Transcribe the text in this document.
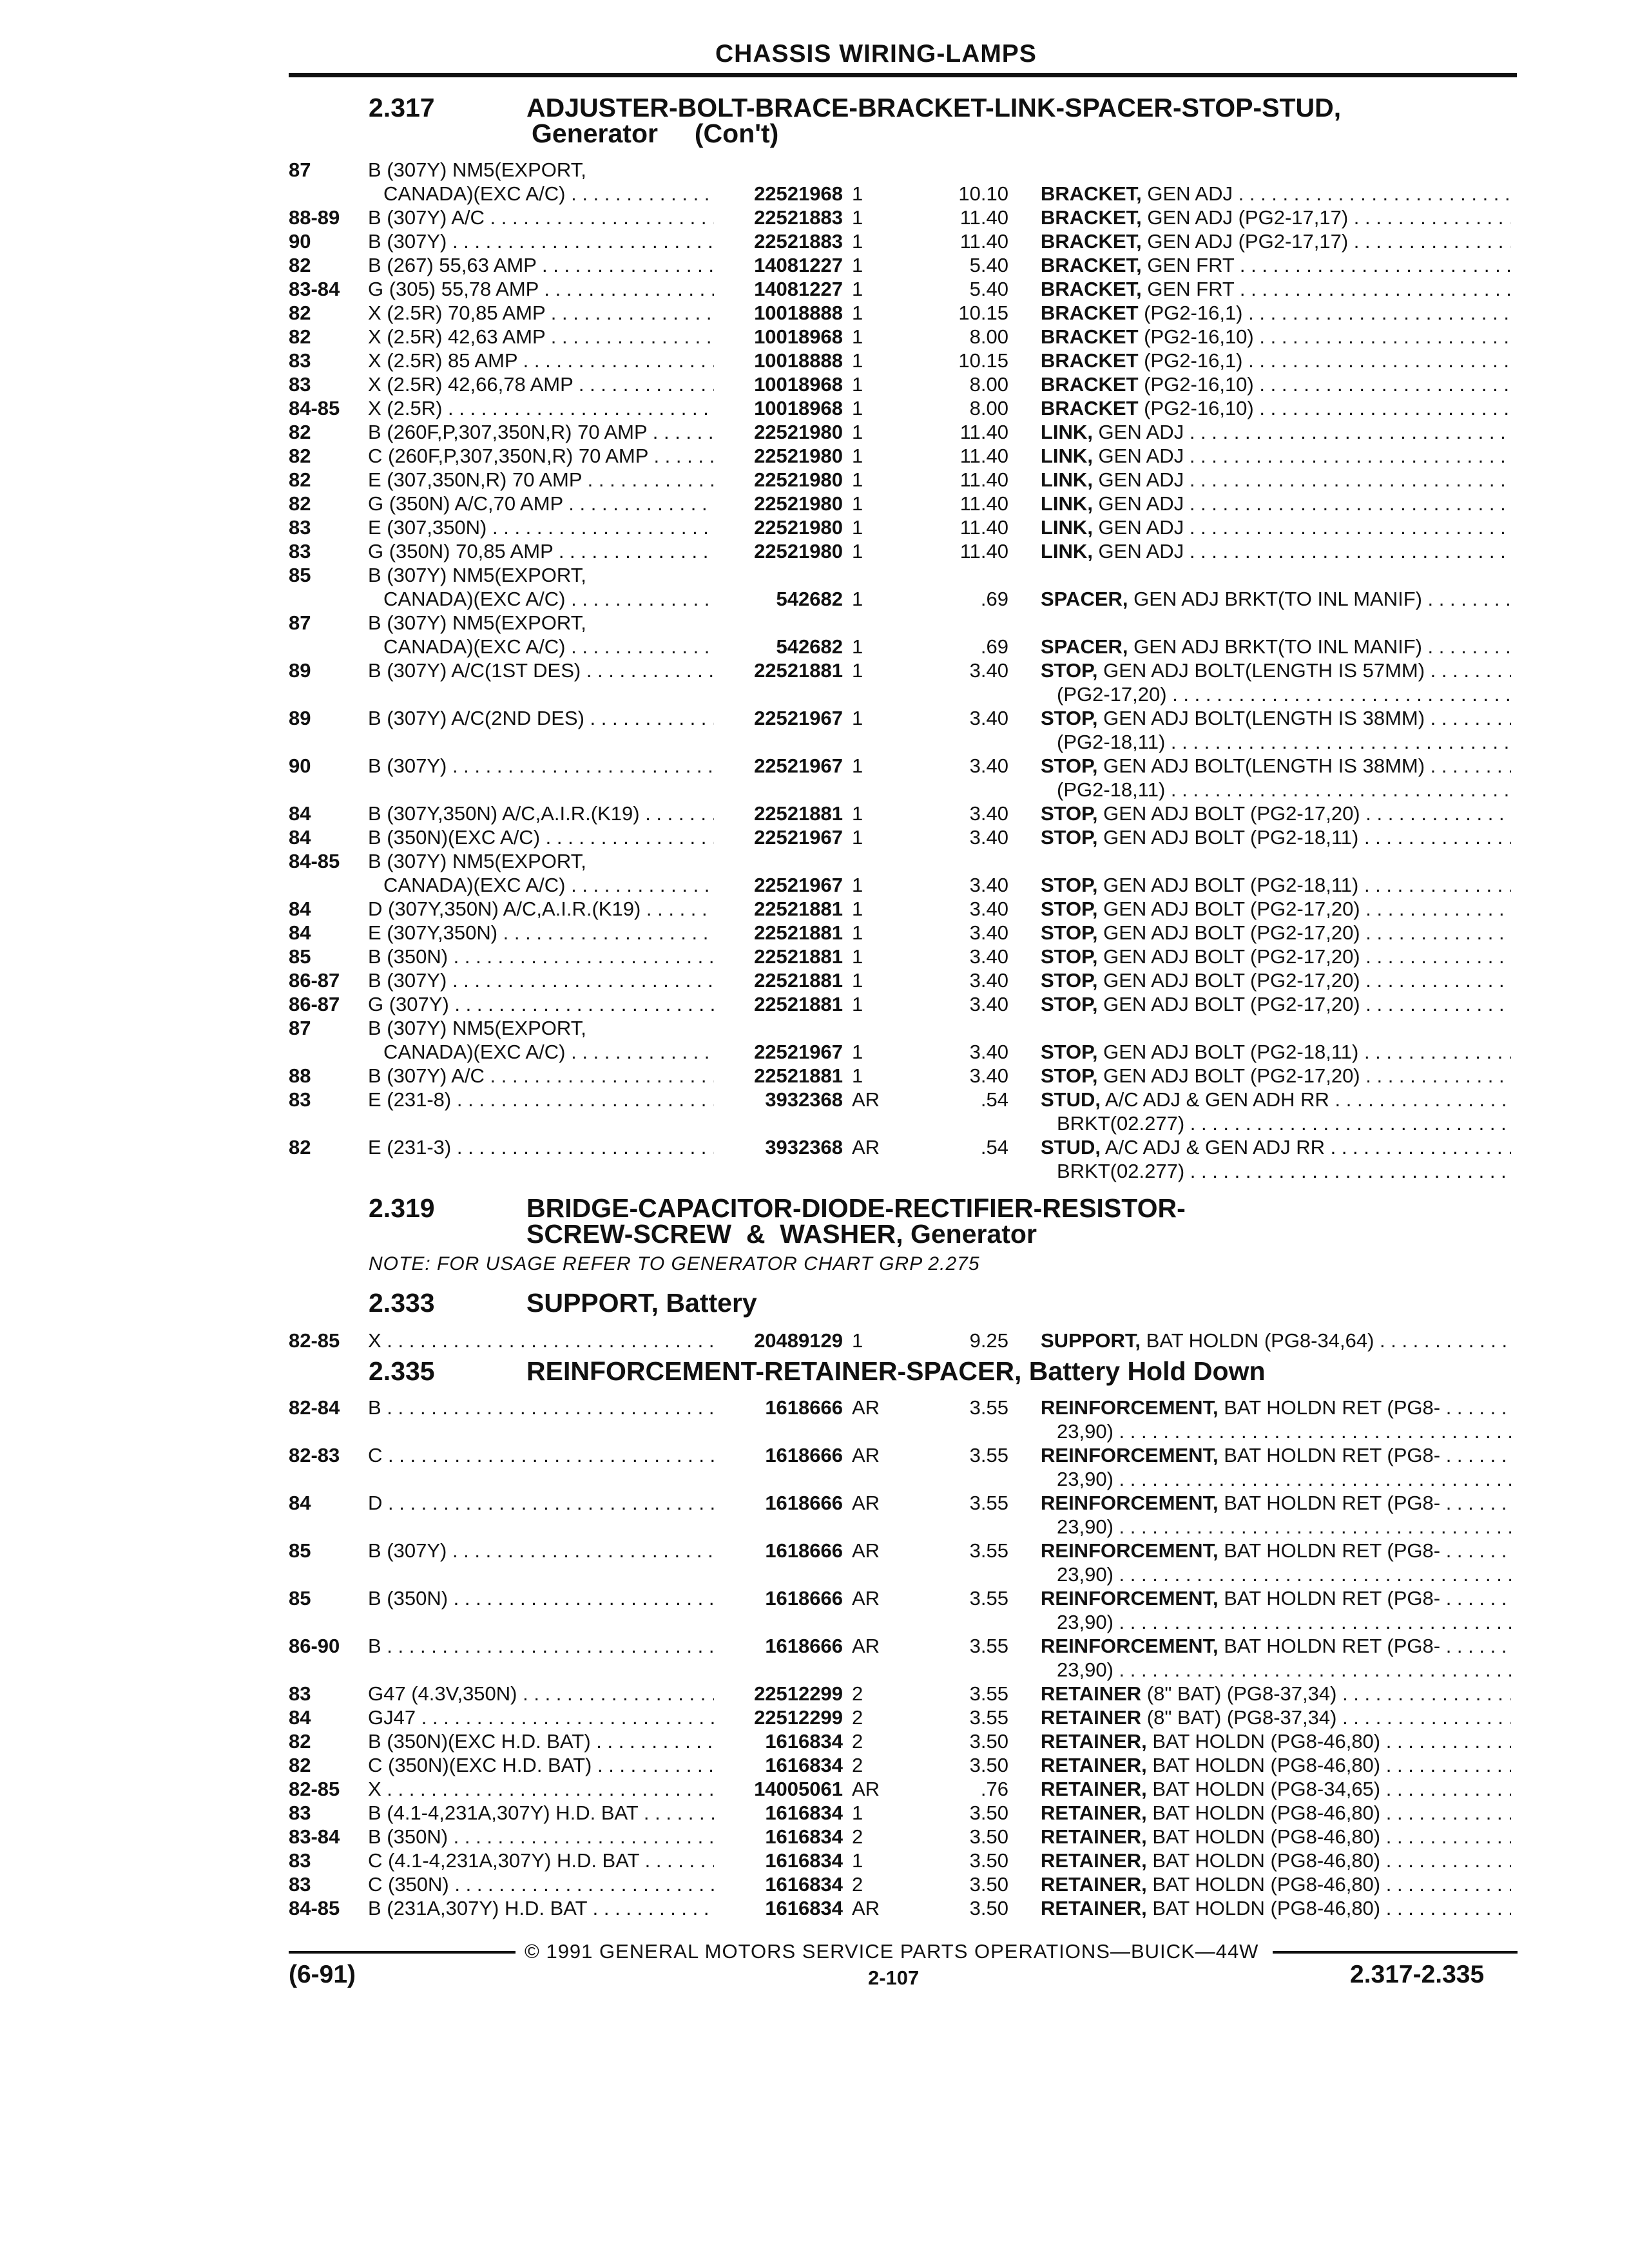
CHASSIS WIRING-LAMPS
2.317	ADJUSTER-BOLT-BRACE-BRACKET-LINK-SPACER-STOP-STUD,
Generator     (Con't)
2.319	BRIDGE-CAPACITOR-DIODE-RECTIFIER-RESISTOR-
SCREW-SCREW  &  WASHER, Generator
NOTE: FOR USAGE REFER TO GENERATOR CHART GRP 2.275
2.333	SUPPORT, Battery
2.335	REINFORCEMENT-RETAINER-SPACER, Battery Hold Down
87	B (307Y) NM5(EXPORT,
CANADA)(EXC A/C) . . .	22521968 1	10.10 BRACKET, GEN ADJ . . .
88-89 B (307Y) A/C . . .	22521883 1	11.40 BRACKET, GEN ADJ (PG2-17,17) . . .
90	B (307Y) . . .	22521883 1	11.40 BRACKET, GEN ADJ (PG2-17,17) . . .
82	B (267) 55,63 AMP . . .	14081227 1	5.40 BRACKET, GEN FRT . . .
83-84 G (305) 55,78 AMP . . .	14081227 1	5.40 BRACKET, GEN FRT . . .
82	X (2.5R) 70,85 AMP . . .	10018888 1	10.15 BRACKET (PG2-16,1) . . .
82	X (2.5R) 42,63 AMP . . .	10018968 1	8.00 BRACKET (PG2-16,10) . . .
83	X (2.5R) 85 AMP . . .	10018888 1	10.15 BRACKET (PG2-16,1) . . .
83	X (2.5R) 42,66,78 AMP . . .	10018968 1	8.00 BRACKET (PG2-16,10) . . .
84-85 X (2.5R) . . .	10018968 1	8.00 BRACKET (PG2-16,10) . . .
82	B (260F,P,307,350N,R) 70 AMP . . .	22521980 1	11.40 LINK, GEN ADJ . . .
82	C (260F,P,307,350N,R) 70 AMP . . .	22521980 1	11.40 LINK, GEN ADJ . . .
82	E (307,350N,R) 70 AMP . . .	22521980 1	11.40 LINK, GEN ADJ . . .
82	G (350N) A/C,70 AMP . . .	22521980 1	11.40 LINK, GEN ADJ . . .
83	E (307,350N) . . .	22521980 1	11.40 LINK, GEN ADJ . . .
83	G (350N) 70,85 AMP . . .	22521980 1	11.40 LINK, GEN ADJ . . .
85	B (307Y) NM5(EXPORT,
CANADA)(EXC A/C) . . .	542682 1	.69 SPACER, GEN ADJ BRKT(TO INL MANIF) . . . .
87	B (307Y) NM5(EXPORT,
CANADA)(EXC A/C) . . .	542682 1	.69 SPACER, GEN ADJ BRKT(TO INL MANIF) . . . .
89	B (307Y) A/C(1ST DES) . . .	22521881 1	3.40 STOP, GEN ADJ BOLT(LENGTH IS 57MM) . . .
(PG2-17,20) . . .
89	B (307Y) A/C(2ND DES) . . .	22521967 1	3.40 STOP, GEN ADJ BOLT(LENGTH IS 38MM) . . .
(PG2-18,11) . . .
90	B (307Y) . . .	22521967 1	3.40 STOP, GEN ADJ BOLT(LENGTH IS 38MM) . . .
(PG2-18,11) . . .
84	B (307Y,350N) A/C,A.I.R.(K19) . . .	22521881 1	3.40 STOP, GEN ADJ BOLT (PG2-17,20) . . .
84	B (350N)(EXC A/C) . . .	22521967 1	3.40 STOP, GEN ADJ BOLT (PG2-18,11) . . .
84-85 B (307Y) NM5(EXPORT,
CANADA)(EXC A/C) . . .	22521967 1	3.40 STOP, GEN ADJ BOLT (PG2-18,11) . . .
84	D (307Y,350N) A/C,A.I.R.(K19) . . .	22521881 1	3.40 STOP, GEN ADJ BOLT (PG2-17,20) . . .
84	E (307Y,350N) . . .	22521881 1	3.40 STOP, GEN ADJ BOLT (PG2-17,20) . . .
85	B (350N) . . .	22521881 1	3.40 STOP, GEN ADJ BOLT (PG2-17,20) . . .
86-87 B (307Y) . . .	22521881 1	3.40 STOP, GEN ADJ BOLT (PG2-17,20) . . .
86-87 G (307Y) . . .	22521881 1	3.40 STOP, GEN ADJ BOLT (PG2-17,20) . . .
87	B (307Y) NM5(EXPORT,
CANADA)(EXC A/C) . . .	22521967 1	3.40 STOP, GEN ADJ BOLT (PG2-18,11) . . .
88	B (307Y) A/C . . .	22521881 1	3.40 STOP, GEN ADJ BOLT (PG2-17,20) . . .
83	E (231-8) . . .	3932368 AR	.54 STUD, A/C ADJ & GEN ADH RR . . .
BRKT(02.277) . . .
82	E (231-3) . . .	3932368 AR	.54 STUD, A/C ADJ & GEN ADJ RR . . .
BRKT(02.277) . . .
82-85 X . . .	20489129 1	9.25 SUPPORT, BAT HOLDN (PG8-34,64) . . .
82-84 B . . .	1618666 AR	3.55 REINFORCEMENT, BAT HOLDN RET (PG8- . . .
23,90) . . .
82-83 C . . .	1618666 AR	3.55 REINFORCEMENT, BAT HOLDN RET (PG8- . . .
23,90) . . .
84	D . . .	1618666 AR	3.55 REINFORCEMENT, BAT HOLDN RET (PG8- . . .
23,90) . . .
85	B (307Y) . . .	1618666 AR	3.55 REINFORCEMENT, BAT HOLDN RET (PG8- . . .
23,90) . . .
85	B (350N) . . .	1618666 AR	3.55 REINFORCEMENT, BAT HOLDN RET (PG8- . . .
23,90) . . .
86-90 B . . .	1618666 AR	3.55 REINFORCEMENT, BAT HOLDN RET (PG8- . . .
23,90) . . .
83	G47 (4.3V,350N) . . .	22512299 2	3.55 RETAINER (8" BAT) (PG8-37,34) . . .
84	GJ47 . . .	22512299 2	3.55 RETAINER (8" BAT) (PG8-37,34) . . .
82	B (350N)(EXC H.D. BAT) . . .	1616834 2	3.50 RETAINER, BAT HOLDN (PG8-46,80) . . .
82	C (350N)(EXC H.D. BAT) . . .	1616834 2	3.50 RETAINER, BAT HOLDN (PG8-46,80) . . .
82-85 X . . .	14005061 AR	.76 RETAINER, BAT HOLDN (PG8-34,65) . . .
83	B (4.1-4,231A,307Y) H.D. BAT . . .	1616834 1	3.50 RETAINER, BAT HOLDN (PG8-46,80) . . .
83-84 B (350N) . . .	1616834 2	3.50 RETAINER, BAT HOLDN (PG8-46,80) . . .
83	C (4.1-4,231A,307Y) H.D. BAT . . .	1616834 1	3.50 RETAINER, BAT HOLDN (PG8-46,80) . . .
83	C (350N) . . .	1616834 2	3.50 RETAINER, BAT HOLDN (PG8-46,80) . . .
84-85 B (231A,307Y) H.D. BAT . . .	1616834 AR	3.50 RETAINER, BAT HOLDN (PG8-46,80) . . .
© 1991 GENERAL MOTORS SERVICE PARTS OPERATIONS—BUICK—44W
(6-91)	2-107	2.317-2.335
